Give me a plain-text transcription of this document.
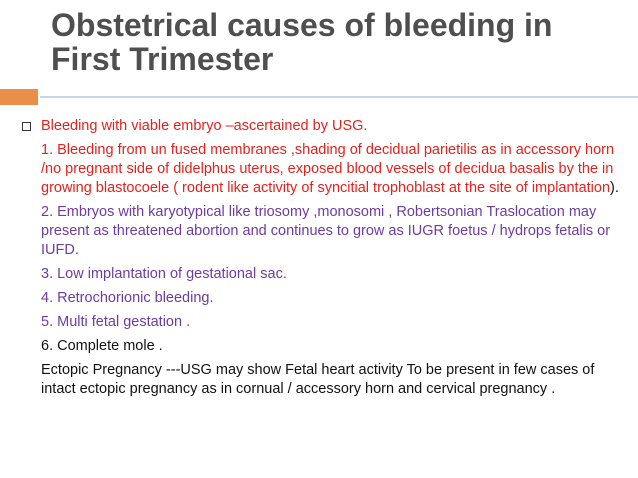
Obstetrical causes of bleeding in
First Trimester
Bleeding with viable embryo –ascertained by USG.
1. Bleeding from un fused membranes ,shading of decidual parietilis as in accessory horn /no pregnant side of didelphus uterus, exposed blood vessels of decidua basalis by the in growing blastocoele ( rodent like activity of syncitial trophoblast at the site of implantation).
2. Embryos with karyotypical like triosomy ,monosomi , Robertsonian Traslocation may present as threatened abortion and continues to grow as IUGR foetus / hydrops fetalis or IUFD.
3. Low implantation of gestational sac.
4. Retrochorionic bleeding.
5. Multi fetal gestation .
6. Complete mole .
Ectopic Pregnancy ---USG may show Fetal heart activity To be present in few cases of intact ectopic pregnancy as in cornual / accessory horn and cervical pregnancy .
